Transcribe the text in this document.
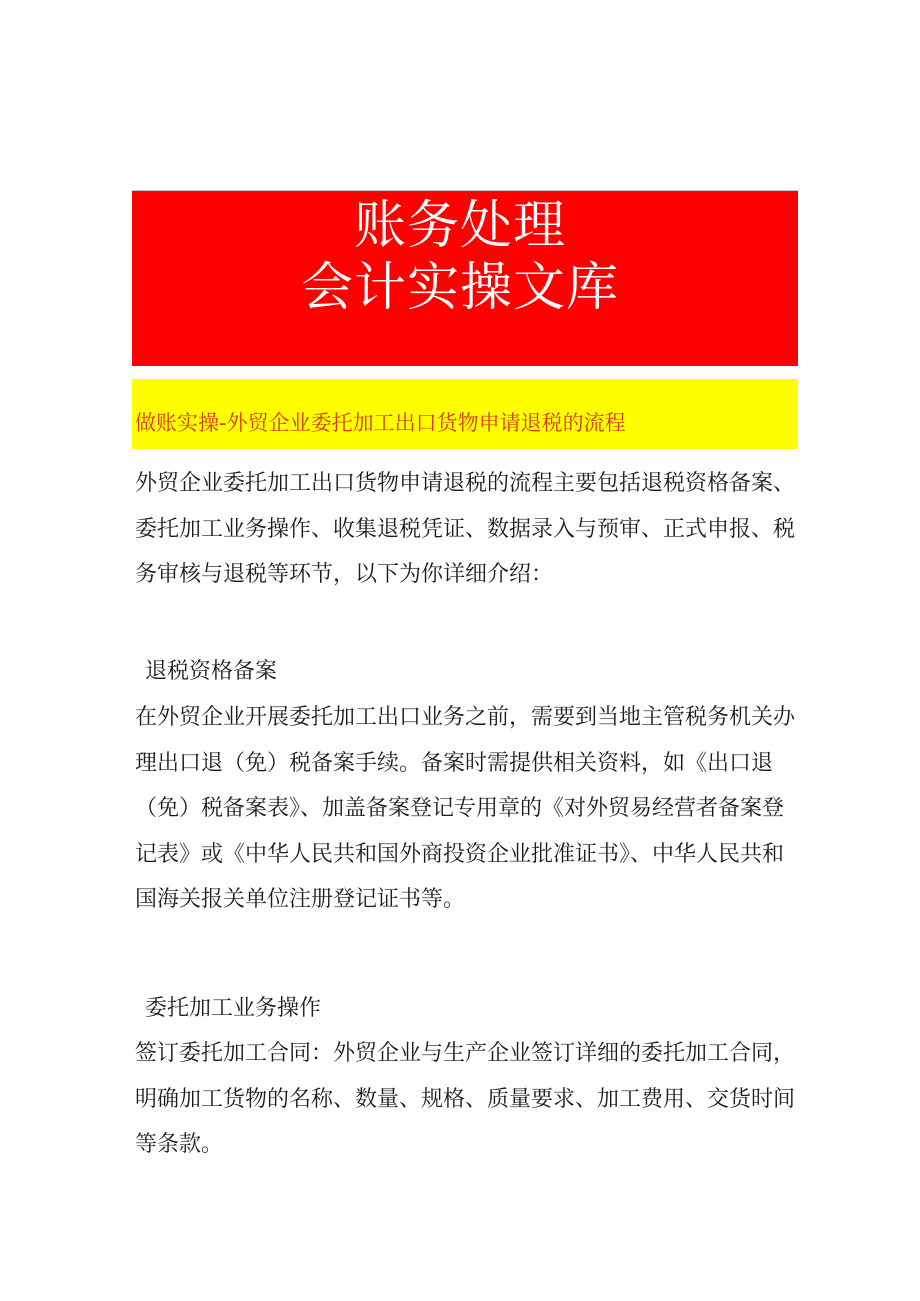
账务处理
会计实操文库
做账实操-外贸企业委托加工出口货物申请退税的流程

外贸企业委托加工出口货物申请退税的流程主要包括退税资格备案、委托加工业务操作、收集退税凭证、数据录入与预审、正式申报、税务审核与退税等环节，以下为你详细介绍：

退税资格备案

在外贸企业开展委托加工出口业务之前，需要到当地主管税务机关办理出口退（免）税备案手续。备案时需提供相关资料，如《出口退（免）税备案表》、加盖备案登记专用章的《对外贸易经营者备案登记表》或《中华人民共和国外商投资企业批准证书》、中华人民共和国海关报关单位注册登记证书等。

委托加工业务操作

签订委托加工合同：外贸企业与生产企业签订详细的委托加工合同，明确加工货物的名称、数量、规格、质量要求、加工费用、交货时间等条款。
